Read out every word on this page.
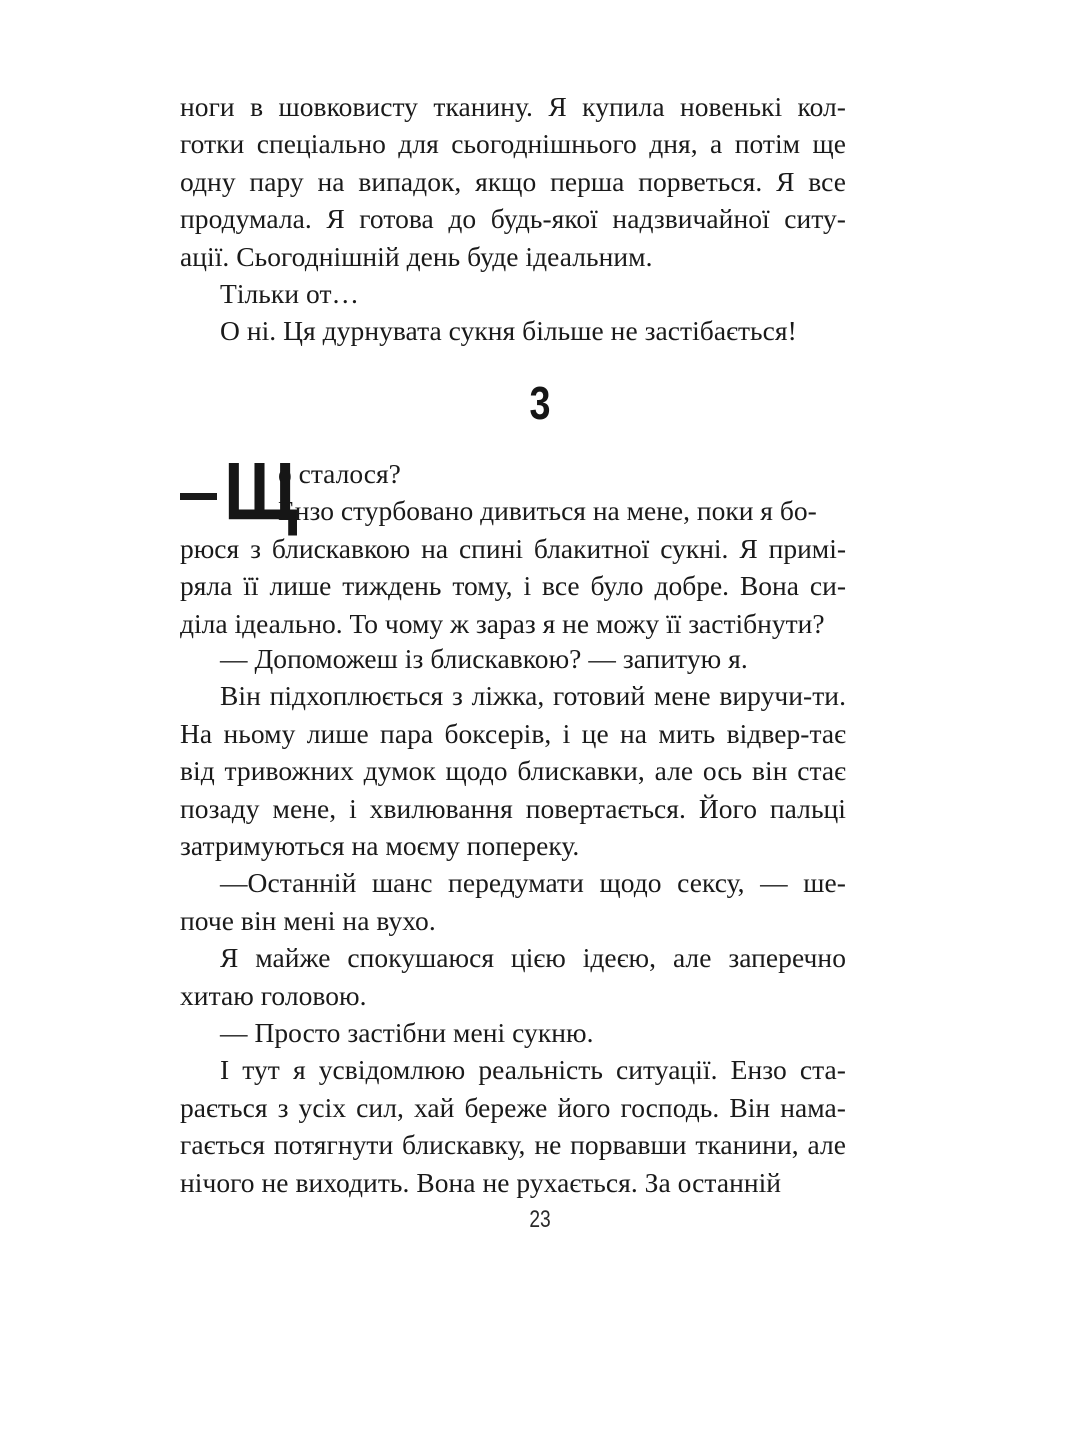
ноги в шовковисту тканину. Я купила новенькі кол-готки спеціально для сьогоднішнього дня, а потім ще одну пару на випадок, якщо перша порветься. Я все продумала. Я готова до будь-якої надзвичайної ситу-ації. Сьогоднішній день буде ідеальним.

Тільки от…

О ні. Ця дурнувата сукня більше не застібається!

3
Щ

о сталося?

Ензо стурбовано дивиться на мене, поки я бо-

рюся з блискавкою на спині блакитної сукні. Я примі-ряла її лише тиждень тому, і все було добре. Вона си-діла ідеально. То чому ж зараз я не можу її застібнути?

— Допоможеш із блискавкою? — запитую я.

Він підхоплюється з ліжка, готовий мене виручи-ти. На ньому лише пара боксерів, і це на мить відвер-тає від тривожних думок щодо блискавки, але ось він стає позаду мене, і хвилювання повертається. Його пальці затримуються на моєму попереку.

—Останній шанс передумати щодо сексу, — ше-поче він мені на вухо.

Я майже спокушаюся цією ідеєю, але заперечно хитаю головою.

— Просто застібни мені сукню.

І тут я усвідомлюю реальність ситуації. Ензо ста-рається з усіх сил, хай береже його господь. Він нама-гається потягнути блискавку, не порвавши тканини, але нічого не виходить. Вона не рухається. За останній

23
